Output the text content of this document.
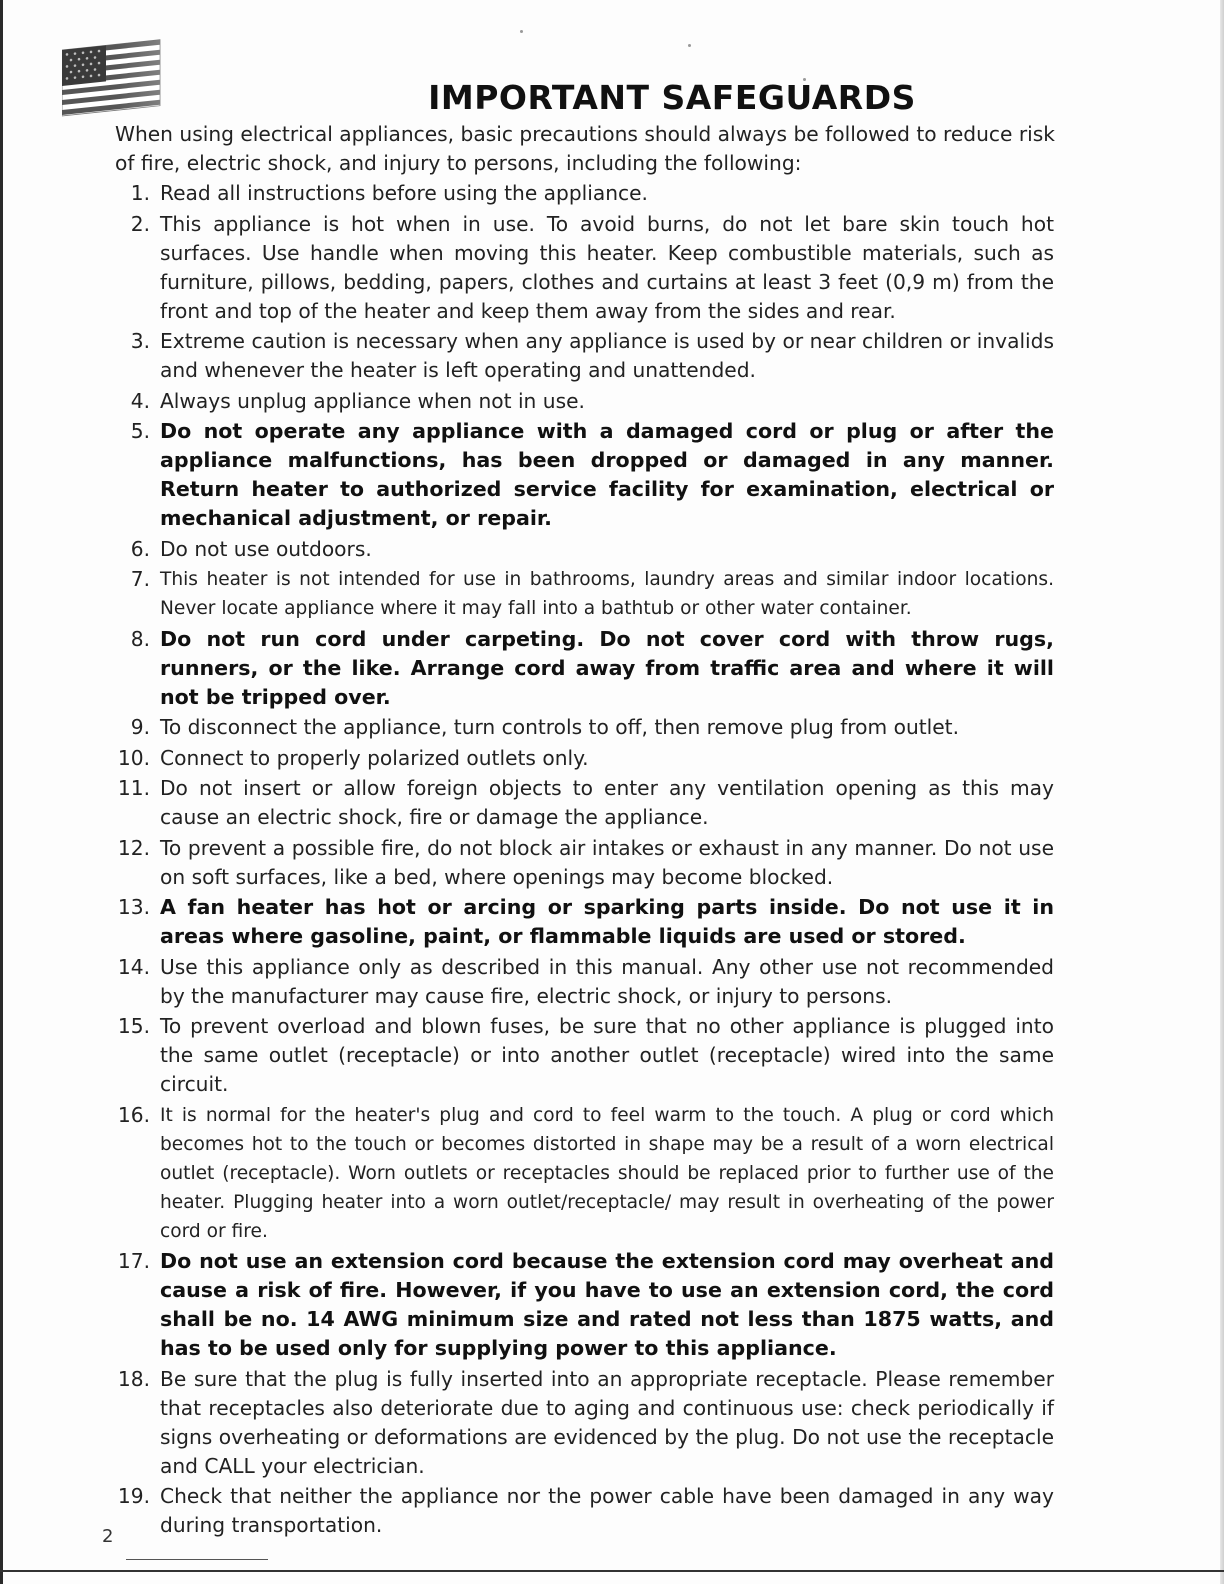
IMPORTANT SAFEGUARDS

When using electrical appliances, basic precautions should always be followed to reduce risk of fire, electric shock, and injury to persons, including the following:

1. Read all instructions before using the appliance.
2. This appliance is hot when in use. To avoid burns, do not let bare skin touch hot surfaces. Use handle when moving this heater. Keep combustible materials, such as furniture, pillows, bedding, papers, clothes and curtains at least 3 feet (0,9 m) from the front and top of the heater and keep them away from the sides and rear.
3. Extreme caution is necessary when any appliance is used by or near children or invalids and whenever the heater is left operating and unattended.
4. Always unplug appliance when not in use.
5. Do not operate any appliance with a damaged cord or plug or after the appliance malfunctions, has been dropped or damaged in any manner. Return heater to authorized service facility for examination, electrical or mechanical adjustment, or repair.
6. Do not use outdoors.
7. This heater is not intended for use in bathrooms, laundry areas and similar indoor locations. Never locate appliance where it may fall into a bathtub or other water container.
8. Do not run cord under carpeting. Do not cover cord with throw rugs, runners, or the like. Arrange cord away from traffic area and where it will not be tripped over.
9. To disconnect the appliance, turn controls to off, then remove plug from outlet.
10. Connect to properly polarized outlets only.
11. Do not insert or allow foreign objects to enter any ventilation opening as this may cause an electric shock, fire or damage the appliance.
12. To prevent a possible fire, do not block air intakes or exhaust in any manner. Do not use on soft surfaces, like a bed, where openings may become blocked.
13. A fan heater has hot or arcing or sparking parts inside. Do not use it in areas where gasoline, paint, or flammable liquids are used or stored.
14. Use this appliance only as described in this manual. Any other use not recommended by the manufacturer may cause fire, electric shock, or injury to persons.
15. To prevent overload and blown fuses, be sure that no other appliance is plugged into the same outlet (receptacle) or into another outlet (receptacle) wired into the same circuit.
16. It is normal for the heater's plug and cord to feel warm to the touch. A plug or cord which becomes hot to the touch or becomes distorted in shape may be a result of a worn electrical outlet (receptacle). Worn outlets or receptacles should be replaced prior to further use of the heater. Plugging heater into a worn outlet/receptacle/ may result in overheating of the power cord or fire.
17. Do not use an extension cord because the extension cord may overheat and cause a risk of fire. However, if you have to use an extension cord, the cord shall be no. 14 AWG minimum size and rated not less than 1875 watts, and has to be used only for supplying power to this appliance.
18. Be sure that the plug is fully inserted into an appropriate receptacle. Please remember that receptacles also deteriorate due to aging and continuous use: check periodically if signs overheating or deformations are evidenced by the plug. Do not use the receptacle and CALL your electrician.
19. Check that neither the appliance nor the power cable have been damaged in any way during transportation.
2
